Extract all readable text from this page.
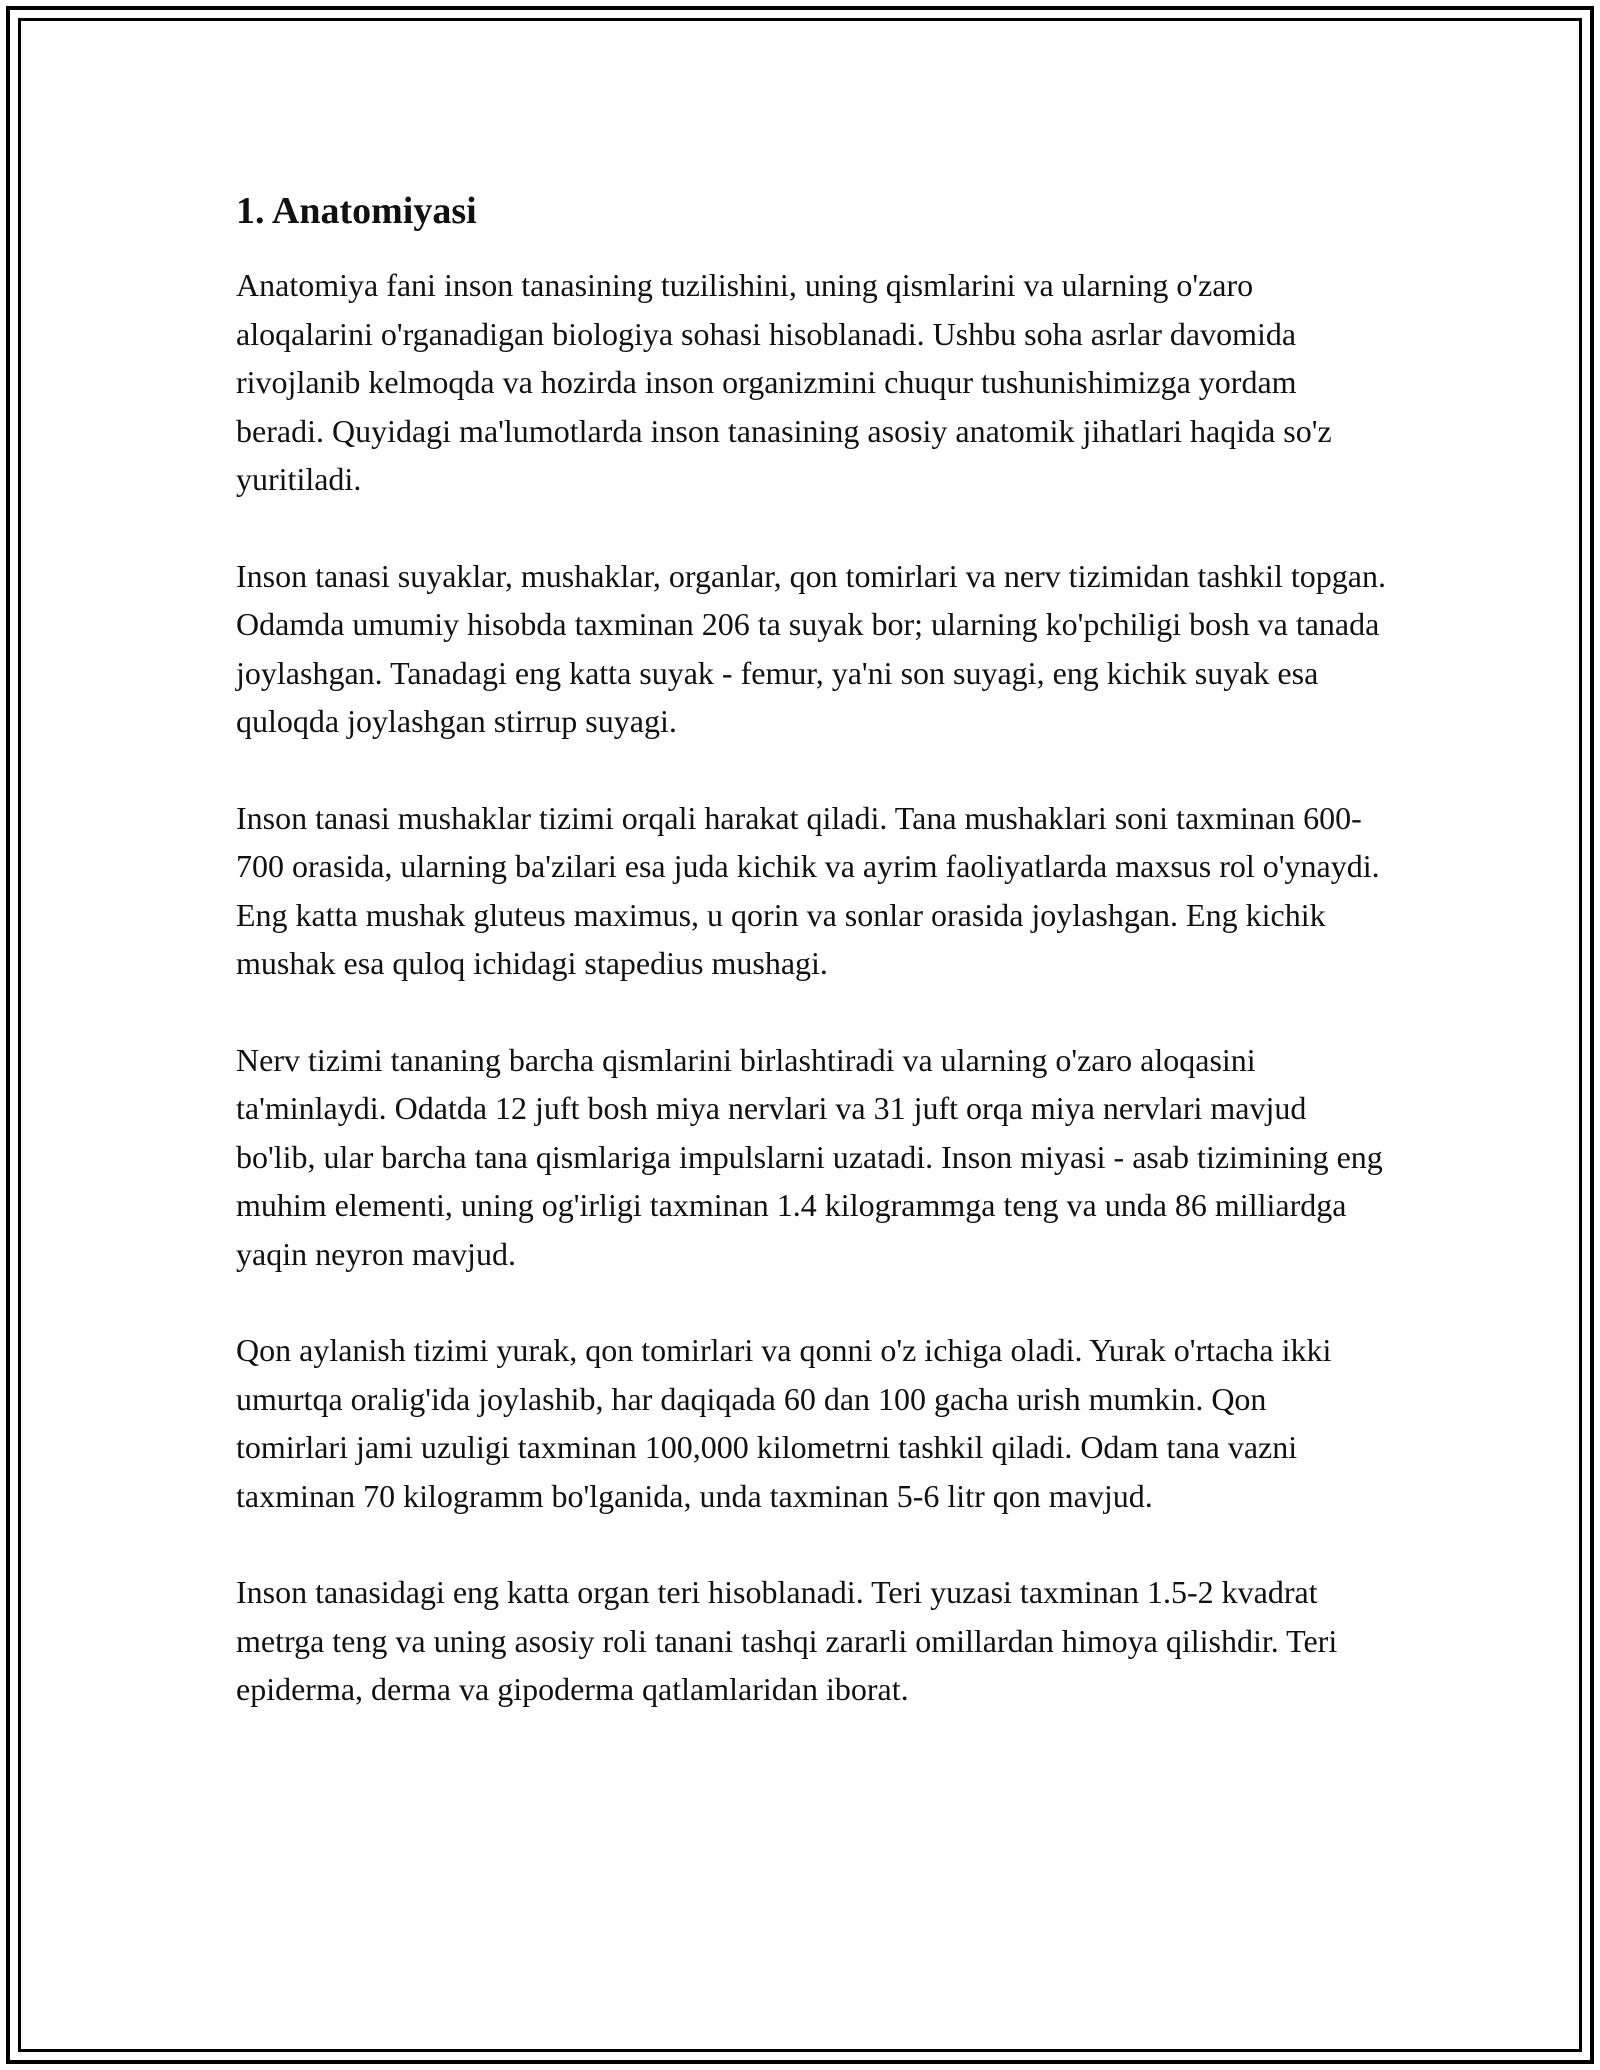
1. Anatomiyasi

Anatomiya fani inson tanasining tuzilishini, uning qismlarini va ularning o'zaro aloqalarini o'rganadigan biologiya sohasi hisoblanadi. Ushbu soha asrlar davomida rivojlanib kelmoqda va hozirda inson organizmini chuqur tushunishimizga yordam beradi. Quyidagi ma'lumotlarda inson tanasining asosiy anatomik jihatlari haqida so'z yuritiladi.

Inson tanasi suyaklar, mushaklar, organlar, qon tomirlari va nerv tizimidan tashkil topgan. Odamda umumiy hisobda taxminan 206 ta suyak bor; ularning ko'pchiligi bosh va tanada joylashgan. Tanadagi eng katta suyak - femur, ya'ni son suyagi, eng kichik suyak esa quloqda joylashgan stirrup suyagi.

Inson tanasi mushaklar tizimi orqali harakat qiladi. Tana mushaklari soni taxminan 600-700 orasida, ularning ba'zilari esa juda kichik va ayrim faoliyatlarda maxsus rol o'ynaydi. Eng katta mushak gluteus maximus, u qorin va sonlar orasida joylashgan. Eng kichik mushak esa quloq ichidagi stapedius mushagi.

Nerv tizimi tananing barcha qismlarini birlashtiradi va ularning o'zaro aloqasini ta'minlaydi. Odatda 12 juft bosh miya nervlari va 31 juft orqa miya nervlari mavjud bo'lib, ular barcha tana qismlariga impulslarni uzatadi. Inson miyasi - asab tizimining eng muhim elementi, uning og'irligi taxminan 1.4 kilogrammga teng va unda 86 milliardga yaqin neyron mavjud.

Qon aylanish tizimi yurak, qon tomirlari va qonni o'z ichiga oladi. Yurak o'rtacha ikki umurtqa oralig'ida joylashib, har daqiqada 60 dan 100 gacha urish mumkin. Qon tomirlari jami uzuligi taxminan 100,000 kilometrni tashkil qiladi. Odam tana vazni taxminan 70 kilogramm bo'lganida, unda taxminan 5-6 litr qon mavjud.

Inson tanasidagi eng katta organ teri hisoblanadi. Teri yuzasi taxminan 1.5-2 kvadrat metrga teng va uning asosiy roli tanani tashqi zararli omillardan himoya qilishdir. Teri epiderma, derma va gipoderma qatlamlaridan iborat.
